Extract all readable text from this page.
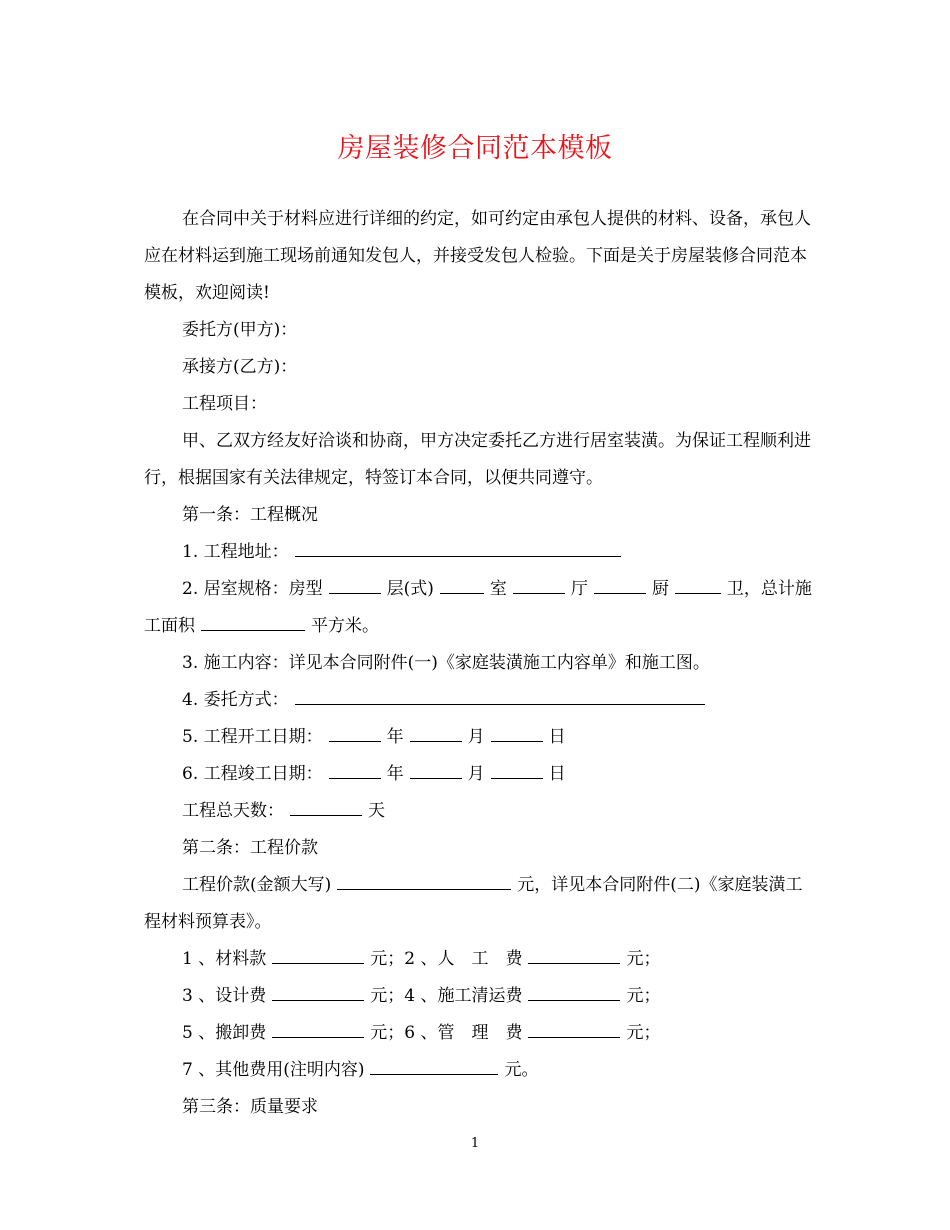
房屋装修合同范本模板

在合同中关于材料应进行详细的约定，如可约定由承包人提供的材料、设备，承包人应在材料运到施工现场前通知发包人，并接受发包人检验。下面是关于房屋装修合同范本模板，欢迎阅读!

委托方(甲方)：

承接方(乙方)：

工程项目：

甲、乙双方经友好洽谈和协商，甲方决定委托乙方进行居室装潢。为保证工程顺利进行，根据国家有关法律规定，特签订本合同，以便共同遵守。

第一条：工程概况

1. 工程地址：

2. 居室规格：房型	层(式)	室	厅	厨	卫，总计施工面积	平方米。

3. 施工内容：详见本合同附件(一)《家庭装潢施工内容单》和施工图。

4. 委托方式：

5. 工程开工日期：	年	月	日

6. 工程竣工日期：	年	月	日

工程总天数：	天

第二条：工程价款

工程价款(金额大写)	元，详见本合同附件(二)《家庭装潢工程材料预算表》。

1 、材料款	元；2 、人　工　费	元；

3 、设计费	元；4 、施工清运费	元；

5 、搬卸费	元；6 、管　理　费	元；

7 、其他费用(注明内容)	元。

第三条：质量要求

1
